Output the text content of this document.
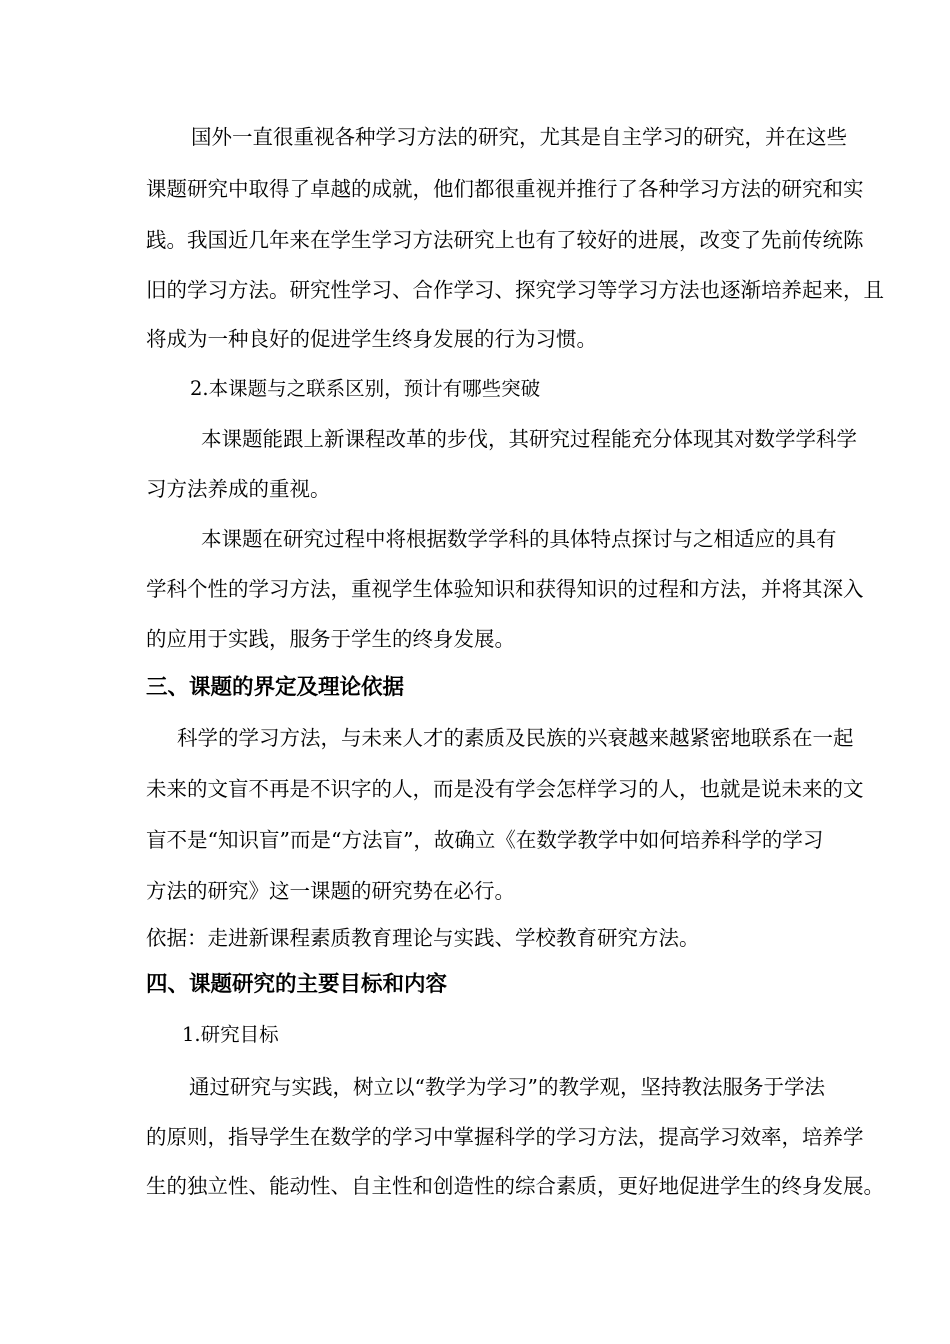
国外一直很重视各种学习方法的研究，尤其是自主学习的研究，并在这些
课题研究中取得了卓越的成就，他们都很重视并推行了各种学习方法的研究和实
践。我国近几年来在学生学习方法研究上也有了较好的进展，改变了先前传统陈
旧的学习方法。研究性学习、合作学习、探究学习等学习方法也逐渐培养起来，且
将成为一种良好的促进学生终身发展的行为习惯。
2.本课题与之联系区别，预计有哪些突破
本课题能跟上新课程改革的步伐，其研究过程能充分体现其对数学学科学
习方法养成的重视。
本课题在研究过程中将根据数学学科的具体特点探讨与之相适应的具有
学科个性的学习方法，重视学生体验知识和获得知识的过程和方法，并将其深入
的应用于实践，服务于学生的终身发展。
三、课题的界定及理论依据
科学的学习方法，与未来人才的素质及民族的兴衰越来越紧密地联系在一起
未来的文盲不再是不识字的人，而是没有学会怎样学习的人，也就是说未来的文
盲不是“知识盲”而是“方法盲”，故确立《在数学教学中如何培养科学的学习
方法的研究》这一课题的研究势在必行。
依据：走进新课程素质教育理论与实践、学校教育研究方法。
四、课题研究的主要目标和内容
1.研究目标
通过研究与实践，树立以“教学为学习”的教学观，坚持教法服务于学法
的原则，指导学生在数学的学习中掌握科学的学习方法，提高学习效率，培养学
生的独立性、能动性、自主性和创造性的综合素质，更好地促进学生的终身发展。
